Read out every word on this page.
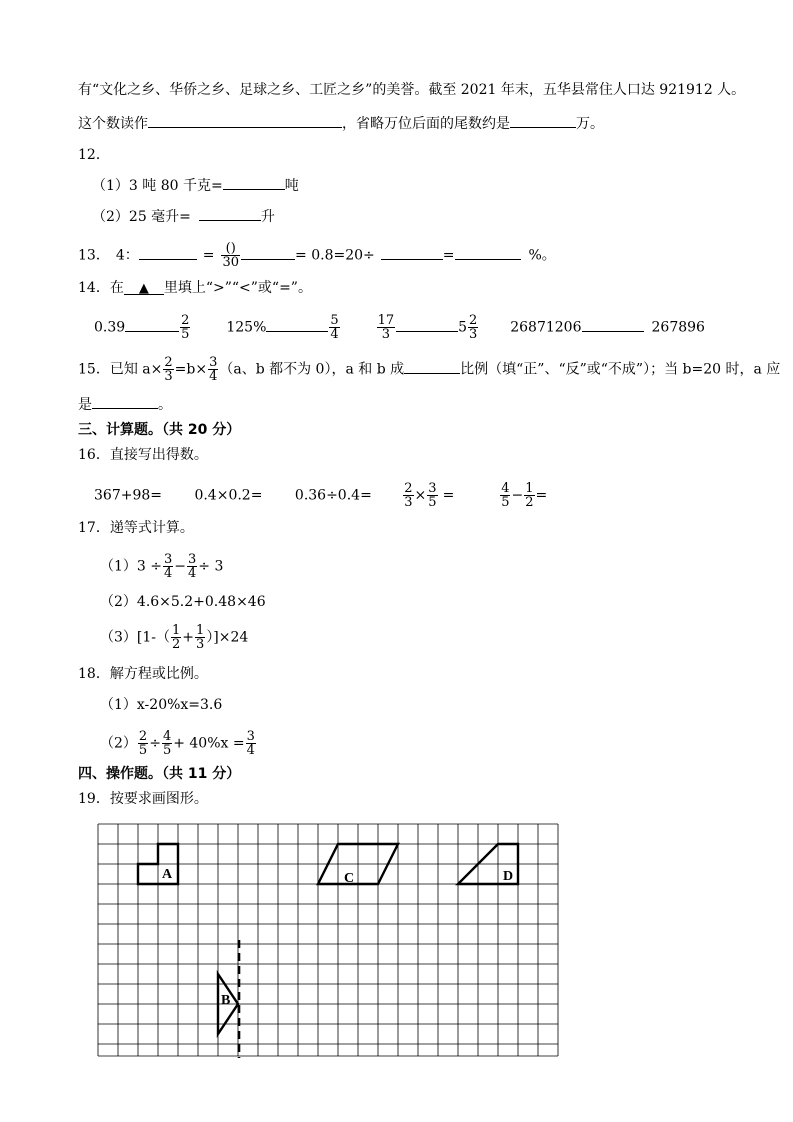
有“文化之乡、华侨之乡、足球之乡、工匠之乡”的美誉。截至 2021 年末，五华县常住人口达 921912 人。
这个数读作	，省略万位后面的尾数约是	万。
12．
（1）3 吨 80 千克=	吨
（2）25 毫升=	升
13． 4：	= $\frac{()}{30}$	= 0.8=20÷	=	%。
14．在 ▲ 里填上“>”“<”或“=”。
0.39	$\frac{2}{5}$	125%	$\frac{5}{4}$
	$\frac{17}{3}$	$5 \frac{2}{3} 26871206$	267896
15．已知 $a\times \frac{2}{3} =b\times \frac{3}{4} (a$、b 都不为 0），a 和 b 成	比例（填“正”、“反”或“不成”）；当 b=20 时，a 应
是	。
三、计算题。（共 20 分）
16．直接写出得数。
$367+98= 0.4\times 0.2= 0.36\div 0.4= \frac{2}{3} \times \frac{3}{5}$ =	$\frac{4}{5} - \frac{1}{2}$ =
17．递等式计算。
$(1)3 \div \frac{3}{4} - \frac{3}{4} \div 3$
（2）4.6×5.2+0.48×46
$(3)[1-( \frac{1}{2} + \frac{1}{3} )]\times 24$
18．解方程或比例。
（1）x-20%x=3.6
$(2) \frac{2}{5} \div \frac{4}{5} + 40\%x = \frac{3}{4}$
四、操作题。（共 11 分）
19．按要求画图形。
A	C	D
B
